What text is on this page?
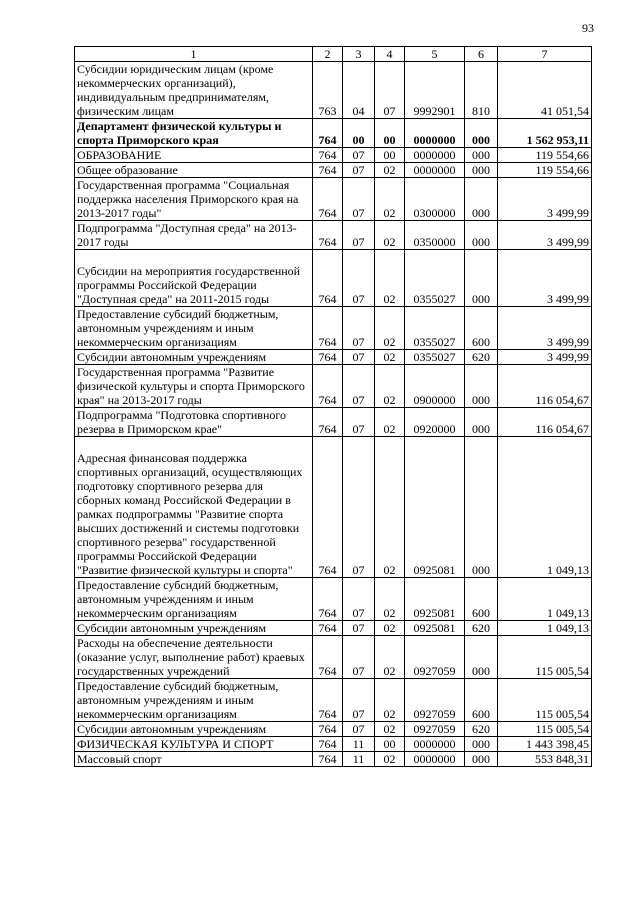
93
1	2	3	4	5	6	7
Субсидии юридическим лицам (кроме некоммерческих организаций), индивидуальным предпринимателям, физическим лицам	763	04	07	9992901	810	41 051,54
Департамент физической культуры и спорта Приморского края	764	00	00	0000000	000	1 562 953,11
ОБРАЗОВАНИЕ	764	07	00	0000000	000	119 554,66
Общее образование	764	07	02	0000000	000	119 554,66
Государственная программа "Социальная поддержка населения Приморского края на 2013-2017 годы"	764	07	02	0300000	000	3 499,99
Подпрограмма "Доступная среда" на 2013-2017 годы	764	07	02	0350000	000	3 499,99
Субсидии на мероприятия государственной программы Российской Федерации "Доступная среда" на 2011-2015 годы	764	07	02	0355027	000	3 499,99
Предоставление субсидий бюджетным, автономным учреждениям и иным некоммерческим организациям	764	07	02	0355027	600	3 499,99
Субсидии автономным учреждениям	764	07	02	0355027	620	3 499,99
Государственная программа "Развитие физической культуры и спорта Приморского края" на 2013-2017 годы	764	07	02	0900000	000	116 054,67
Подпрограмма "Подготовка спортивного резерва в Приморском крае"	764	07	02	0920000	000	116 054,67
Адресная финансовая поддержка спортивных организаций, осуществляющих подготовку спортивного резерва для сборных команд Российской Федерации в рамках подпрограммы "Развитие спорта высших достижений и системы подготовки спортивного резерва" государственной программы Российской Федерации "Развитие физической культуры и спорта"	764	07	02	0925081	000	1 049,13
Предоставление субсидий бюджетным, автономным учреждениям и иным некоммерческим организациям	764	07	02	0925081	600	1 049,13
Субсидии автономным учреждениям	764	07	02	0925081	620	1 049,13
Расходы на обеспечение деятельности (оказание услуг, выполнение работ) краевых государственных учреждений	764	07	02	0927059	000	115 005,54
Предоставление субсидий бюджетным, автономным учреждениям и иным некоммерческим организациям	764	07	02	0927059	600	115 005,54
Субсидии автономным учреждениям	764	07	02	0927059	620	115 005,54
ФИЗИЧЕСКАЯ КУЛЬТУРА И СПОРТ	764	11	00	0000000	000	1 443 398,45
Массовый спорт	764	11	02	0000000	000	553 848,31
